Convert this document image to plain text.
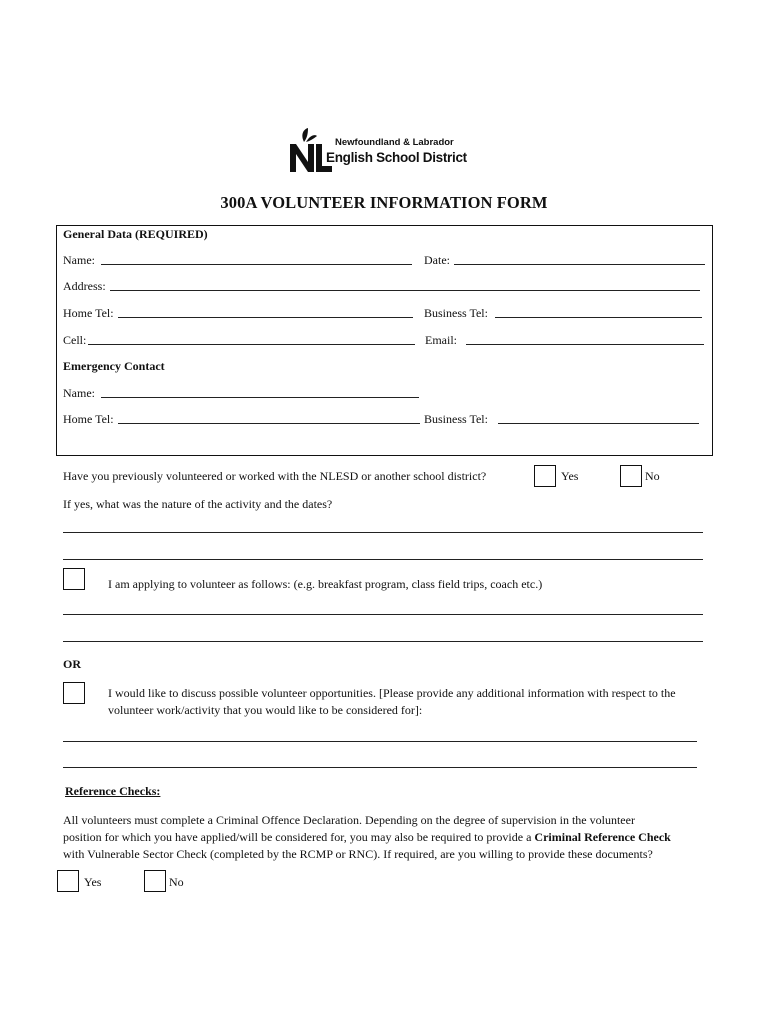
Newfoundland & Labrador
English School District
300A VOLUNTEER INFORMATION FORM
General Data (REQUIRED)
Name:	Date:
Address:
Home Tel:	Business Tel:
Cell:	Email:
Emergency Contact
Name:
Home Tel:	Business Tel:
Have you previously volunteered or worked with the NLESD or another school district?	Yes	No
If yes, what was the nature of the activity and the dates?
I am applying to volunteer as follows: (e.g. breakfast program, class field trips, coach etc.)
OR
I would like to discuss possible volunteer opportunities. [Please provide any additional information with respect to the
volunteer work/activity that you would like to be considered for]:
Reference Checks:
All volunteers must complete a Criminal Offence Declaration. Depending on the degree of supervision in the volunteer
position for which you have applied/will be considered for, you may also be required to provide a Criminal Reference Check
with Vulnerable Sector Check (completed by the RCMP or RNC). If required, are you willing to provide these documents?
Yes	No
